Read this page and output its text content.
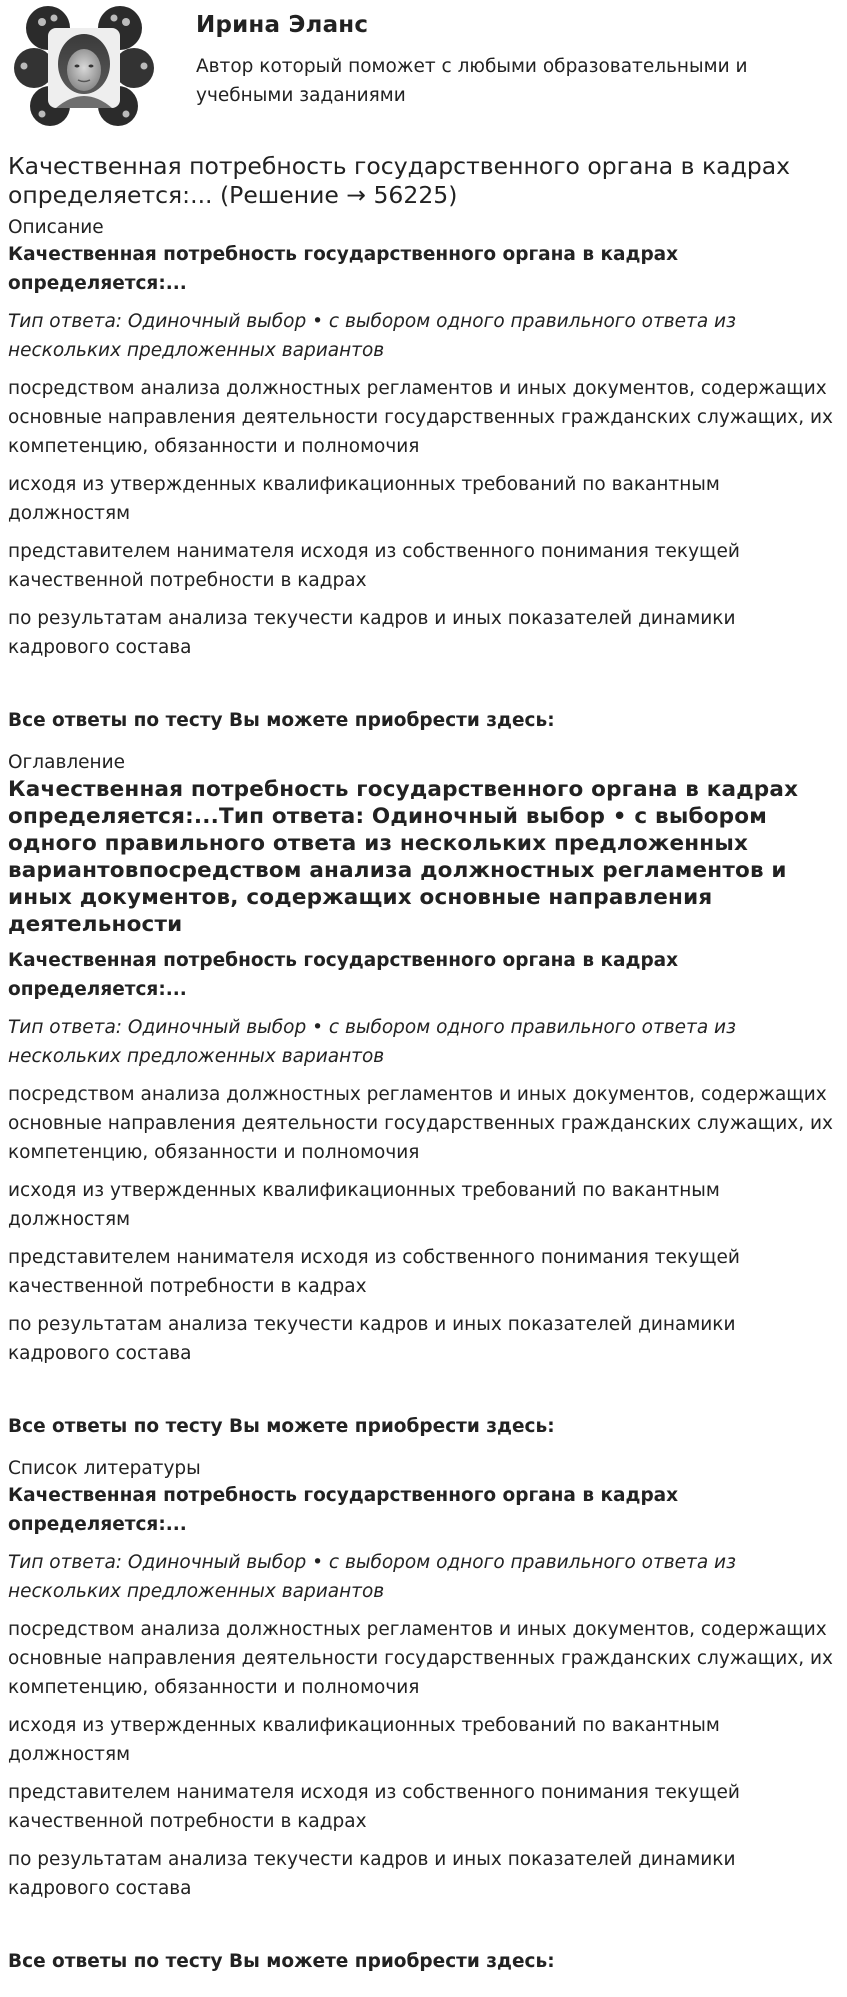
Ирина Эланс
Автор который поможет с любыми образовательными и учебными заданиями
Качественная потребность государственного органа в кадрах определяется:... (Решение → 56225)
Описание
Качественная потребность государственного органа в кадрах определяется:...
Тип ответа: Одиночный выбор • с выбором одного правильного ответа из нескольких предложенных вариантов
посредством анализа должностных регламентов и иных документов, содержащих основные направления деятельности государственных гражданских служащих, их компетенцию, обязанности и полномочия
исходя из утвержденных квалификационных требований по вакантным должностям
представителем нанимателя исходя из собственного понимания текущей качественной потребности в кадрах
по результатам анализа текучести кадров и иных показателей динамики кадрового состава
Все ответы по тесту Вы можете приобрести здесь:
Оглавление
Качественная потребность государственного органа в кадрах определяется:...Тип ответа: Одиночный выбор • с выбором одного правильного ответа из нескольких предложенных вариантовпосредством анализа должностных регламентов и иных документов, содержащих основные направления деятельности
Качественная потребность государственного органа в кадрах определяется:...
Тип ответа: Одиночный выбор • с выбором одного правильного ответа из нескольких предложенных вариантов
посредством анализа должностных регламентов и иных документов, содержащих основные направления деятельности государственных гражданских служащих, их компетенцию, обязанности и полномочия
исходя из утвержденных квалификационных требований по вакантным должностям
представителем нанимателя исходя из собственного понимания текущей качественной потребности в кадрах
по результатам анализа текучести кадров и иных показателей динамики кадрового состава
Все ответы по тесту Вы можете приобрести здесь:
Список литературы
Качественная потребность государственного органа в кадрах определяется:...
Тип ответа: Одиночный выбор • с выбором одного правильного ответа из нескольких предложенных вариантов
посредством анализа должностных регламентов и иных документов, содержащих основные направления деятельности государственных гражданских служащих, их компетенцию, обязанности и полномочия
исходя из утвержденных квалификационных требований по вакантным должностям
представителем нанимателя исходя из собственного понимания текущей качественной потребности в кадрах
по результатам анализа текучести кадров и иных показателей динамики кадрового состава
Все ответы по тесту Вы можете приобрести здесь:
